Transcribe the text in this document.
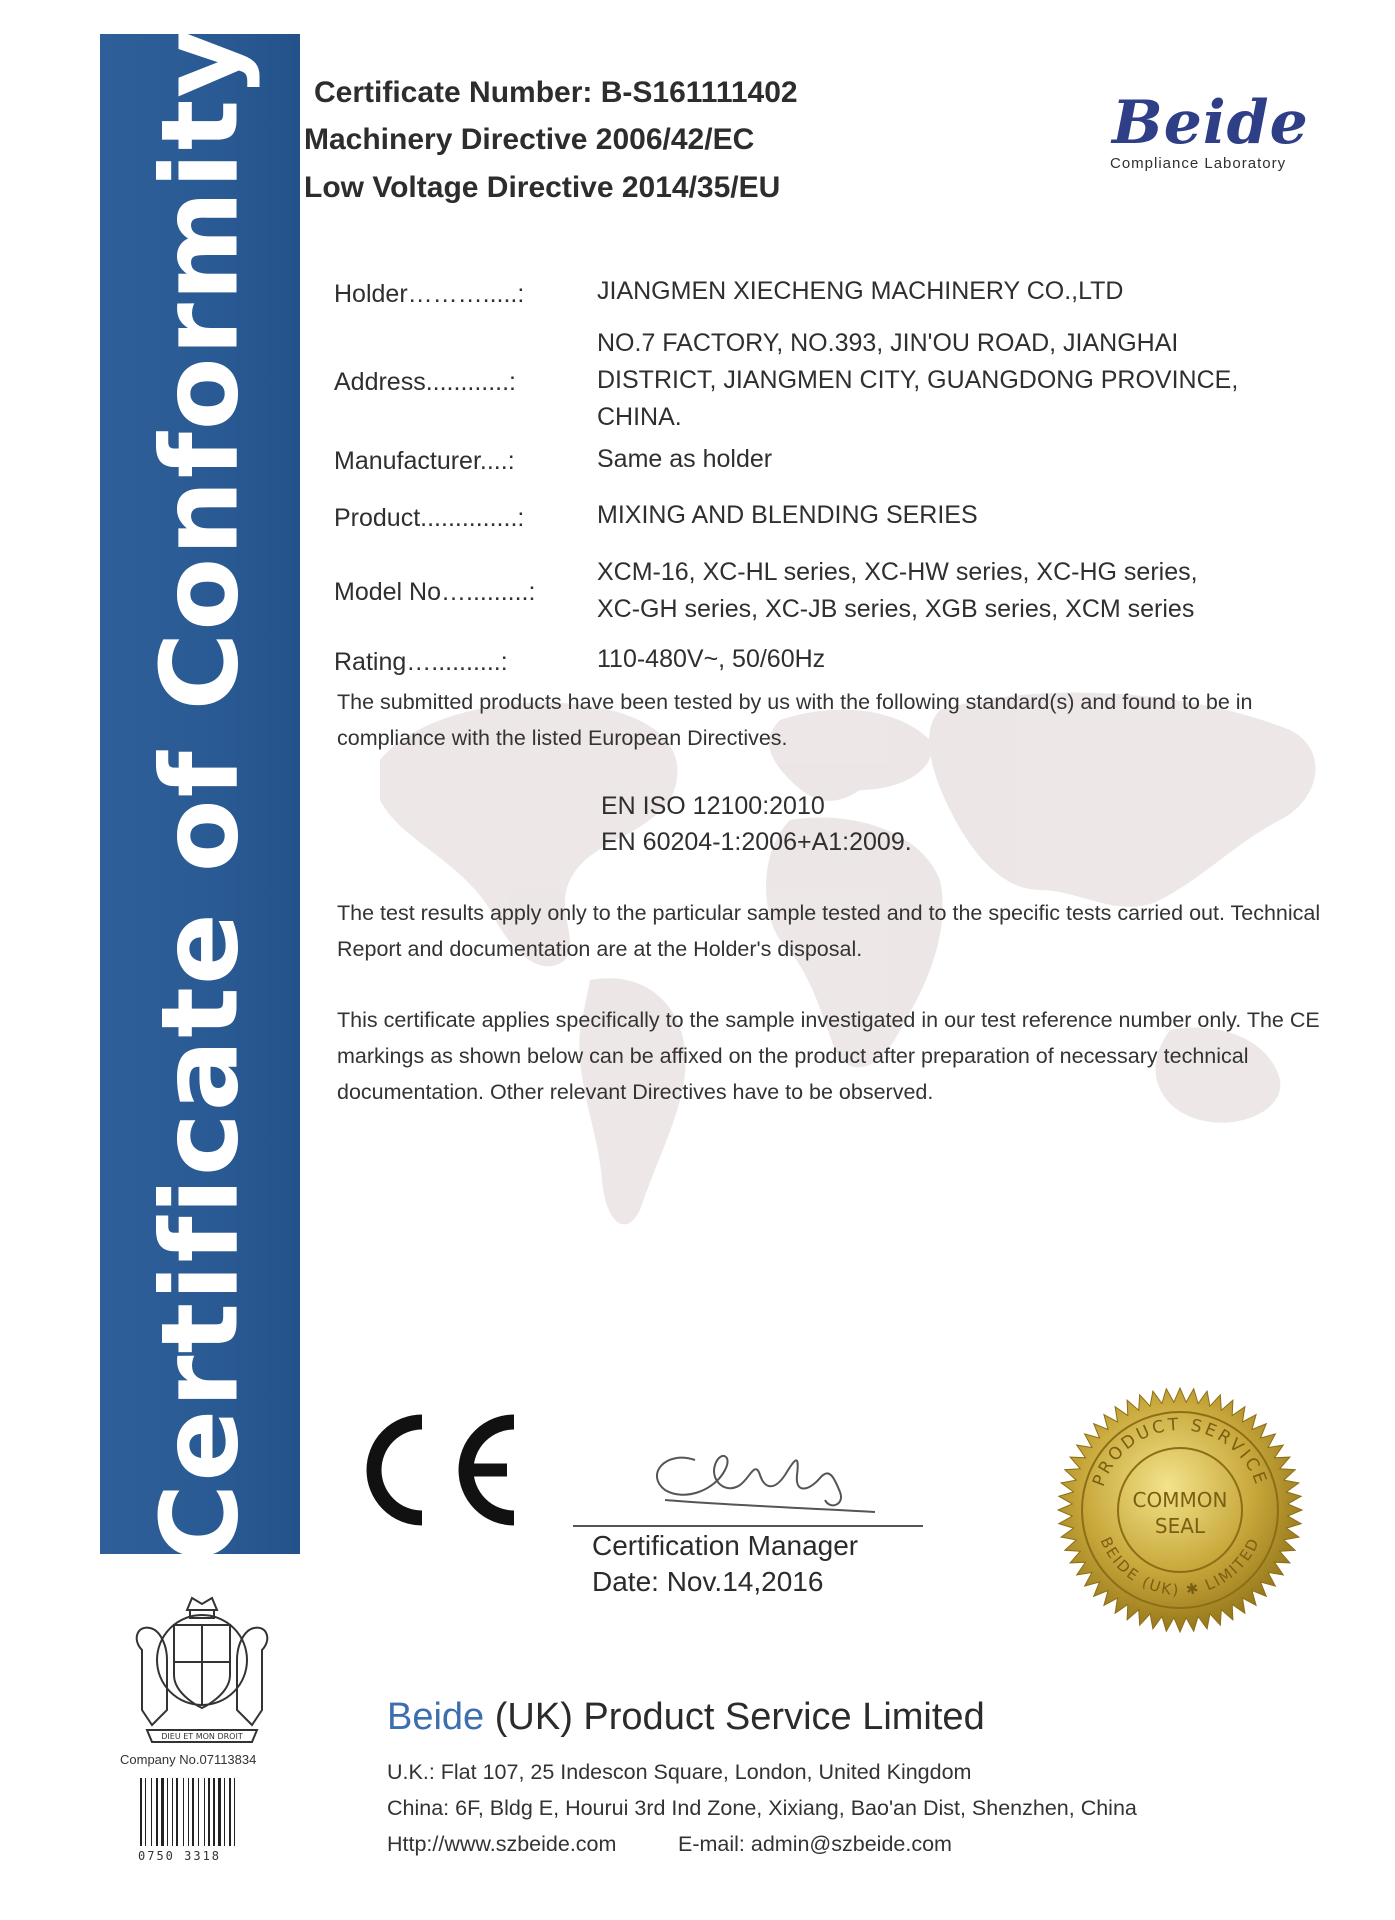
Certificate of Conformity Certificate Number: B-S161111402
Machinery Directive 2006/42/EC
Low Voltage Directive 2014/35/EU
Beide
Compliance Laboratory
Holder……….....:	JIANGMEN XIECHENG MACHINERY CO.,LTD
Address............:
NO.7 FACTORY, NO.393, JIN'OU ROAD, JIANGHAI
DISTRICT, JIANGMEN CITY, GUANGDONG PROVINCE,
CHINA.
Manufacturer....:	Same as holder
Product..............:	MIXING AND BLENDING SERIES
Model No….........:
XCM-16, XC-HL series, XC-HW series, XC-HG series,
XC-GH series, XC-JB series, XGB series, XCM series
Rating…..........:	110-480V~, 50/60Hz
The submitted products have been tested by us with the following standard(s) and found to be in compliance with the listed European Directives.
EN ISO 12100:2010
EN 60204-1:2006+A1:2009.
The test results apply only to the particular sample tested and to the specific tests carried out. Technical Report and documentation are at the Holder's disposal.
This certificate applies specifically to the sample investigated in our test reference number only. The CE markings as shown below can be affixed on the product after preparation of necessary technical documentation. Other relevant Directives have to be observed.
Certification Manager
Date: Nov.14,2016
PRODUCT SERVICE
BEIDE (UK) ✱ LIMITED
COMMON
SEAL
DIEU ET MON DROIT
Company No.07113834
0750 3318
Beide (UK) Product Service Limited
U.K.: Flat 107, 25 Indescon Square, London, United Kingdom
China: 6F, Bldg E, Hourui 3rd Ind Zone, Xixiang, Bao'an Dist, Shenzhen, China
Http://www.szbeide.com	E-mail: admin@szbeide.com
